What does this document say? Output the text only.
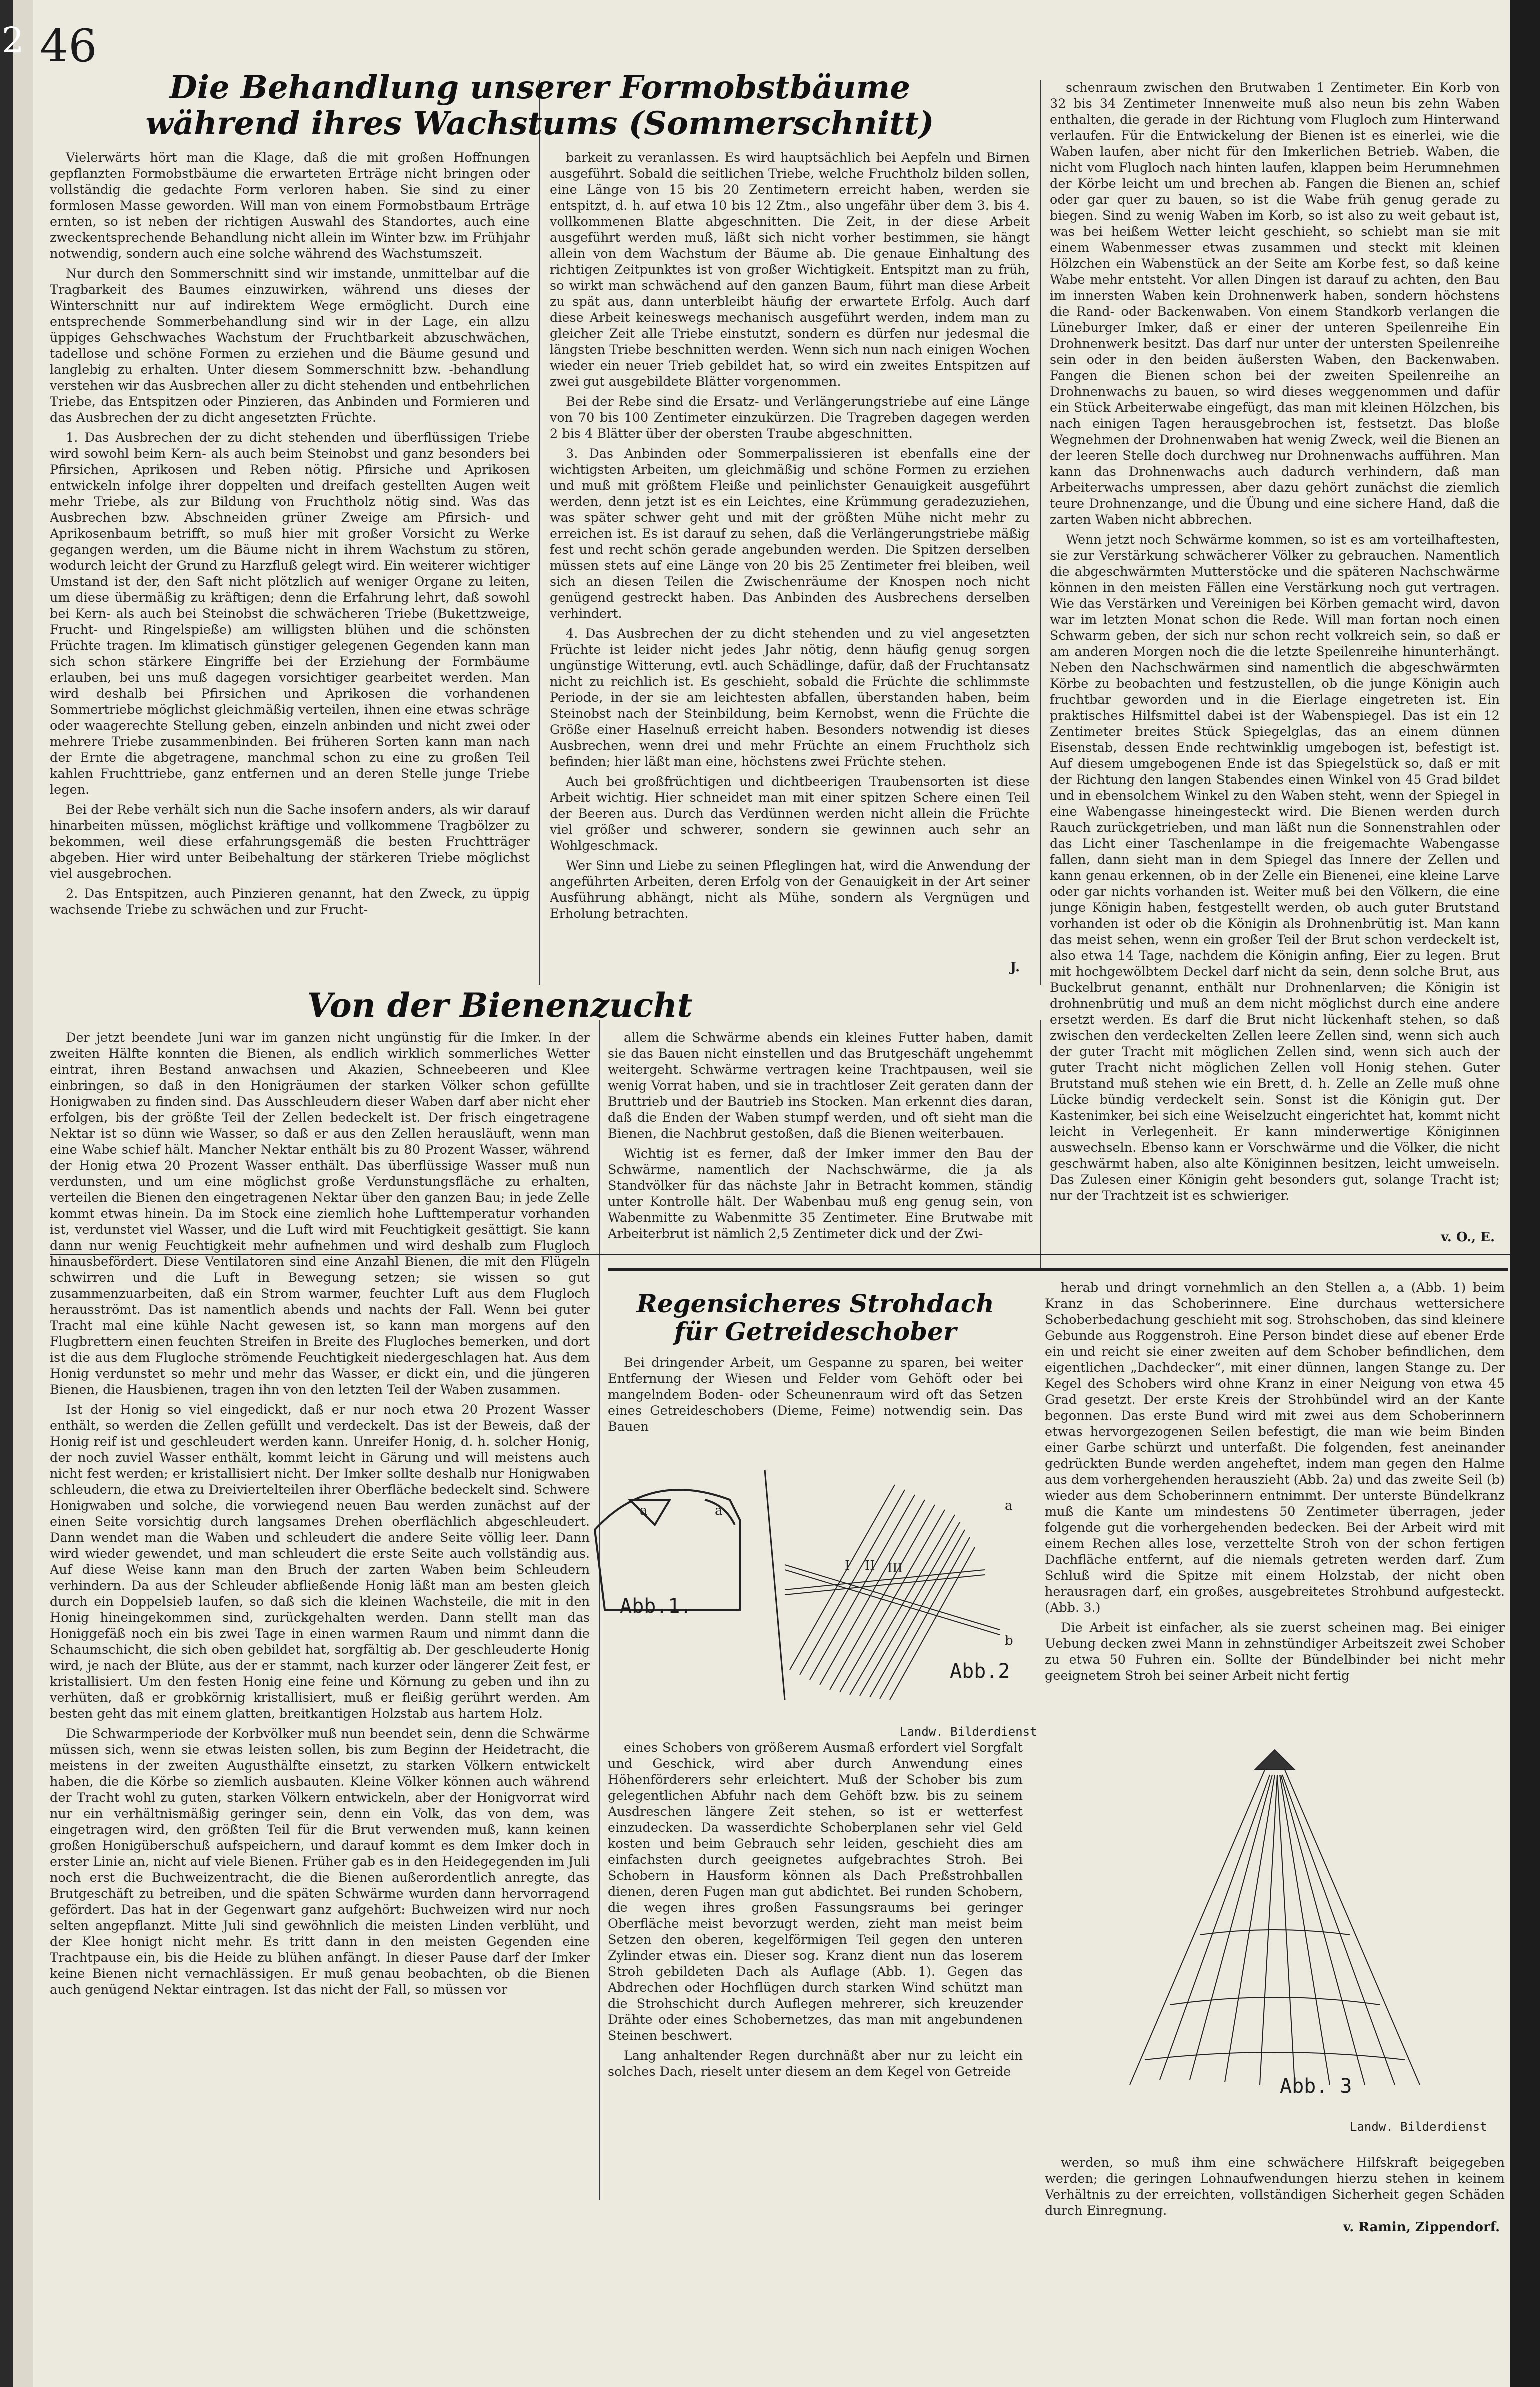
2 46
Die Behandlung unserer Formobstbäume
während ihres Wachstums (Sommerschnitt)

Vielerwärts hört man die Klage, daß die mit großen Hoffnungen gepflanzten Formobstbäume die erwarteten Erträge nicht bringen oder vollständig die gedachte Form verloren haben. Sie sind zu einer formlosen Masse geworden. Will man von einem Formobstbaum Erträge ernten, so ist neben der richtigen Auswahl des Standortes, auch eine zweckentsprechende Behandlung nicht allein im Winter bzw. im Frühjahr notwendig, sondern auch eine solche während des Wachstumszeit.

Nur durch den Sommerschnitt sind wir imstande, unmittelbar auf die Tragbarkeit des Baumes einzuwirken, während uns dieses der Winterschnitt nur auf indirektem Wege ermöglicht. Durch eine entsprechende Sommerbehandlung sind wir in der Lage, ein allzu üppiges Gehschwaches Wachstum der Fruchtbarkeit abzuschwächen, tadellose und schöne Formen zu erziehen und die Bäume gesund und langlebig zu erhalten. Unter diesem Sommerschnitt bzw. -behandlung verstehen wir das Ausbrechen aller zu dicht stehenden und entbehrlichen Triebe, das Entspitzen oder Pinzieren, das Anbinden und Formieren und das Ausbrechen der zu dicht angesetzten Früchte.

1. Das Ausbrechen der zu dicht stehenden und überflüssigen Triebe wird sowohl beim Kern- als auch beim Steinobst und ganz besonders bei Pfirsichen, Aprikosen und Reben nötig. Pfirsiche und Aprikosen entwickeln infolge ihrer doppelten und dreifach gestellten Augen weit mehr Triebe, als zur Bildung von Fruchtholz nötig sind. Was das Ausbrechen bzw. Abschneiden grüner Zweige am Pfirsich- und Aprikosenbaum betrifft, so muß hier mit großer Vorsicht zu Werke gegangen werden, um die Bäume nicht in ihrem Wachstum zu stören, wodurch leicht der Grund zu Harzfluß gelegt wird. Ein weiterer wichtiger Umstand ist der, den Saft nicht plötzlich auf weniger Organe zu leiten, um diese übermäßig zu kräftigen; denn die Erfahrung lehrt, daß sowohl bei Kern- als auch bei Steinobst die schwächeren Triebe (Bukettzweige, Frucht- und Ringelspieße) am willigsten blühen und die schönsten Früchte tragen. Im klimatisch günstiger gelegenen Gegenden kann man sich schon stärkere Eingriffe bei der Erziehung der Formbäume erlauben, bei uns muß dagegen vorsichtiger gearbeitet werden. Man wird deshalb bei Pfirsichen und Aprikosen die vorhandenen Sommertriebe möglichst gleichmäßig verteilen, ihnen eine etwas schräge oder waagerechte Stellung geben, einzeln anbinden und nicht zwei oder mehrere Triebe zusammenbinden. Bei früheren Sorten kann man nach der Ernte die abgetragene, manchmal schon zu eine zu großen Teil kahlen Fruchttriebe, ganz entfernen und an deren Stelle junge Triebe legen.

Bei der Rebe verhält sich nun die Sache insofern anders, als wir darauf hinarbeiten müssen, möglichst kräftige und vollkommene Tragbölzer zu bekommen, weil diese erfahrungsgemäß die besten Fruchtträger abgeben. Hier wird unter Beibehaltung der stärkeren Triebe möglichst viel ausgebrochen.

2. Das Entspitzen, auch Pinzieren genannt, hat den Zweck, zu üppig wachsende Triebe zu schwächen und zur Frucht-

barkeit zu veranlassen. Es wird hauptsächlich bei Aepfeln und Birnen ausgeführt. Sobald die seitlichen Triebe, welche Fruchtholz bilden sollen, eine Länge von 15 bis 20 Zentimetern erreicht haben, werden sie entspitzt, d. h. auf etwa 10 bis 12 Ztm., also ungefähr über dem 3. bis 4. vollkommenen Blatte abgeschnitten. Die Zeit, in der diese Arbeit ausgeführt werden muß, läßt sich nicht vorher bestimmen, sie hängt allein von dem Wachstum der Bäume ab. Die genaue Einhaltung des richtigen Zeitpunktes ist von großer Wichtigkeit. Entspitzt man zu früh, so wirkt man schwächend auf den ganzen Baum, führt man diese Arbeit zu spät aus, dann unterbleibt häufig der erwartete Erfolg. Auch darf diese Arbeit keineswegs mechanisch ausgeführt werden, indem man zu gleicher Zeit alle Triebe einstutzt, sondern es dürfen nur jedesmal die längsten Triebe beschnitten werden. Wenn sich nun nach einigen Wochen wieder ein neuer Trieb gebildet hat, so wird ein zweites Entspitzen auf zwei gut ausgebildete Blätter vorgenommen.

Bei der Rebe sind die Ersatz- und Verlängerungstriebe auf eine Länge von 70 bis 100 Zentimeter einzukürzen. Die Tragreben dagegen werden 2 bis 4 Blätter über der obersten Traube abgeschnitten.

3. Das Anbinden oder Sommerpalissieren ist ebenfalls eine der wichtigsten Arbeiten, um gleichmäßig und schöne Formen zu erziehen und muß mit größtem Fleiße und peinlichster Genauigkeit ausgeführt werden, denn jetzt ist es ein Leichtes, eine Krümmung geradezuziehen, was später schwer geht und mit der größten Mühe nicht mehr zu erreichen ist. Es ist darauf zu sehen, daß die Verlängerungstriebe mäßig fest und recht schön gerade angebunden werden. Die Spitzen derselben müssen stets auf eine Länge von 20 bis 25 Zentimeter frei bleiben, weil sich an diesen Teilen die Zwischenräume der Knospen noch nicht genügend gestreckt haben. Das Anbinden des Ausbrechens derselben verhindert.

4. Das Ausbrechen der zu dicht stehenden und zu viel angesetzten Früchte ist leider nicht jedes Jahr nötig, denn häufig genug sorgen ungünstige Witterung, evtl. auch Schädlinge, dafür, daß der Fruchtansatz nicht zu reichlich ist. Es geschieht, sobald die Früchte die schlimmste Periode, in der sie am leichtesten abfallen, überstanden haben, beim Steinobst nach der Steinbildung, beim Kernobst, wenn die Früchte die Größe einer Haselnuß erreicht haben. Besonders notwendig ist dieses Ausbrechen, wenn drei und mehr Früchte an einem Fruchtholz sich befinden; hier läßt man eine, höchstens zwei Früchte stehen.

Auch bei großfrüchtigen und dichtbeerigen Traubensorten ist diese Arbeit wichtig. Hier schneidet man mit einer spitzen Schere einen Teil der Beeren aus. Durch das Verdünnen werden nicht allein die Früchte viel größer und schwerer, sondern sie gewinnen auch sehr an Wohlgeschmack.

Wer Sinn und Liebe zu seinen Pfleglingen hat, wird die Anwendung der angeführten Arbeiten, deren Erfolg von der Genauigkeit in der Art seiner Ausführung abhängt, nicht als Mühe, sondern als Vergnügen und Erholung betrachten.

J.
Von der Bienenzucht

Der jetzt beendete Juni war im ganzen nicht ungünstig für die Imker. In der zweiten Hälfte konnten die Bienen, als endlich wirklich sommerliches Wetter eintrat, ihren Bestand anwachsen und Akazien, Schneebeeren und Klee einbringen, so daß in den Honigräumen der starken Völker schon gefüllte Honigwaben zu finden sind. Das Ausschleudern dieser Waben darf aber nicht eher erfolgen, bis der größte Teil der Zellen bedeckelt ist. Der frisch eingetragene Nektar ist so dünn wie Wasser, so daß er aus den Zellen herausläuft, wenn man eine Wabe schief hält. Mancher Nektar enthält bis zu 80 Prozent Wasser, während der Honig etwa 20 Prozent Wasser enthält. Das überflüssige Wasser muß nun verdunsten, und um eine möglichst große Verdunstungsfläche zu erhalten, verteilen die Bienen den eingetragenen Nektar über den ganzen Bau; in jede Zelle kommt etwas hinein. Da im Stock eine ziemlich hohe Lufttemperatur vorhanden ist, verdunstet viel Wasser, und die Luft wird mit Feuchtigkeit gesättigt. Sie kann dann nur wenig Feuchtigkeit mehr aufnehmen und wird deshalb zum Flugloch hinausbefördert. Diese Ventilatoren sind eine Anzahl Bienen, die mit den Flügeln schwirren und die Luft in Bewegung setzen; sie wissen so gut zusammenzuarbeiten, daß ein Strom warmer, feuchter Luft aus dem Flugloch herausströmt. Das ist namentlich abends und nachts der Fall. Wenn bei guter Tracht mal eine kühle Nacht gewesen ist, so kann man morgens auf den Flugbrettern einen feuchten Streifen in Breite des Flugloches bemerken, und dort ist die aus dem Flugloche strömende Feuchtigkeit niedergeschlagen hat. Aus dem Honig verdunstet so mehr und mehr das Wasser, er dickt ein, und die jüngeren Bienen, die Hausbienen, tragen ihn von den letzten Teil der Waben zusammen.

Ist der Honig so viel eingedickt, daß er nur noch etwa 20 Prozent Wasser enthält, so werden die Zellen gefüllt und verdeckelt. Das ist der Beweis, daß der Honig reif ist und geschleudert werden kann. Unreifer Honig, d. h. solcher Honig, der noch zuviel Wasser enthält, kommt leicht in Gärung und will meistens auch nicht fest werden; er kristallisiert nicht. Der Imker sollte deshalb nur Honigwaben schleudern, die etwa zu Dreiviertelteilen ihrer Oberfläche bedeckelt sind. Schwere Honigwaben und solche, die vorwiegend neuen Bau werden zunächst auf der einen Seite vorsichtig durch langsames Drehen oberflächlich abgeschleudert. Dann wendet man die Waben und schleudert die andere Seite völlig leer. Dann wird wieder gewendet, und man schleudert die erste Seite auch vollständig aus. Auf diese Weise kann man den Bruch der zarten Waben beim Schleudern verhindern. Da aus der Schleuder abfließende Honig läßt man am besten gleich durch ein Doppelsieb laufen, so daß sich die kleinen Wachsteile, die mit in den Honig hineingekommen sind, zurückgehalten werden. Dann stellt man das Honiggefäß noch ein bis zwei Tage in einen warmen Raum und nimmt dann die Schaumschicht, die sich oben gebildet hat, sorgfältig ab. Der geschleuderte Honig wird, je nach der Blüte, aus der er stammt, nach kurzer oder längerer Zeit fest, er kristallisiert. Um den festen Honig eine feine und Körnung zu geben und ihn zu verhüten, daß er grobkörnig kristallisiert, muß er fleißig gerührt werden. Am besten geht das mit einem glatten, breitkantigen Holzstab aus hartem Holz.

Die Schwarmperiode der Korbvölker muß nun beendet sein, denn die Schwärme müssen sich, wenn sie etwas leisten sollen, bis zum Beginn der Heidetracht, die meistens in der zweiten Augusthälfte einsetzt, zu starken Völkern entwickelt haben, die die Körbe so ziemlich ausbauten. Kleine Völker können auch während der Tracht wohl zu guten, starken Völkern entwickeln, aber der Honigvorrat wird nur ein verhältnismäßig geringer sein, denn ein Volk, das von dem, was eingetragen wird, den größten Teil für die Brut verwenden muß, kann keinen großen Honigüberschuß aufspeichern, und darauf kommt es dem Imker doch in erster Linie an, nicht auf viele Bienen. Früher gab es in den Heidegegenden im Juli noch erst die Buchweizentracht, die die Bienen außerordentlich anregte, das Brutgeschäft zu betreiben, und die späten Schwärme wurden dann hervorragend gefördert. Das hat in der Gegenwart ganz aufgehört: Buchweizen wird nur noch selten angepflanzt. Mitte Juli sind gewöhnlich die meisten Linden verblüht, und der Klee honigt nicht mehr. Es tritt dann in den meisten Gegenden eine Trachtpause ein, bis die Heide zu blühen anfängt. In dieser Pause darf der Imker keine Bienen nicht vernachlässigen. Er muß genau beobachten, ob die Bienen auch genügend Nektar eintragen. Ist das nicht der Fall, so müssen vor

allem die Schwärme abends ein kleines Futter haben, damit sie das Bauen nicht einstellen und das Brutgeschäft ungehemmt weitergeht. Schwärme vertragen keine Trachtpausen, weil sie wenig Vorrat haben, und sie in trachtloser Zeit geraten dann der Bruttrieb und der Bautrieb ins Stocken. Man erkennt dies daran, daß die Enden der Waben stumpf werden, und oft sieht man die Bienen, die Nachbrut gestoßen, daß die Bienen weiterbauen.

Wichtig ist es ferner, daß der Imker immer den Bau der Schwärme, namentlich der Nachschwärme, die ja als Standvölker für das nächste Jahr in Betracht kommen, ständig unter Kontrolle hält. Der Wabenbau muß eng genug sein, von Wabenmitte zu Wabenmitte 35 Zentimeter. Eine Brutwabe mit Arbeiterbrut ist nämlich 2,5 Zentimeter dick und der Zwi-

schenraum zwischen den Brutwaben 1 Zentimeter. Ein Korb von 32 bis 34 Zentimeter Innenweite muß also neun bis zehn Waben enthalten, die gerade in der Richtung vom Flugloch zum Hinterwand verlaufen. Für die Entwickelung der Bienen ist es einerlei, wie die Waben laufen, aber nicht für den Imkerlichen Betrieb. Waben, die nicht vom Flugloch nach hinten laufen, klappen beim Herumnehmen der Körbe leicht um und brechen ab. Fangen die Bienen an, schief oder gar quer zu bauen, so ist die Wabe früh genug gerade zu biegen. Sind zu wenig Waben im Korb, so ist also zu weit gebaut ist, was bei heißem Wetter leicht geschieht, so schiebt man sie mit einem Wabenmesser etwas zusammen und steckt mit kleinen Hölzchen ein Wabenstück an der Seite am Korbe fest, so daß keine Wabe mehr entsteht. Vor allen Dingen ist darauf zu achten, den Bau im innersten Waben kein Drohnenwerk haben, sondern höchstens die Rand- oder Backenwaben. Von einem Standkorb verlangen die Lüneburger Imker, daß er einer der unteren Speilenreihe Ein Drohnenwerk besitzt. Das darf nur unter der untersten Speilenreihe sein oder in den beiden äußersten Waben, den Backenwaben. Fangen die Bienen schon bei der zweiten Speilenreihe an Drohnenwachs zu bauen, so wird dieses weggenommen und dafür ein Stück Arbeiterwabe eingefügt, das man mit kleinen Hölzchen, bis nach einigen Tagen herausgebrochen ist, festsetzt. Das bloße Wegnehmen der Drohnenwaben hat wenig Zweck, weil die Bienen an der leeren Stelle doch durchweg nur Drohnenwachs aufführen. Man kann das Drohnenwachs auch dadurch verhindern, daß man Arbeiterwachs umpressen, aber dazu gehört zunächst die ziemlich teure Drohnenzange, und die Übung und eine sichere Hand, daß die zarten Waben nicht abbrechen.

Wenn jetzt noch Schwärme kommen, so ist es am vorteilhaftesten, sie zur Verstärkung schwächerer Völker zu gebrauchen. Namentlich die abgeschwärmten Mutterstöcke und die späteren Nachschwärme können in den meisten Fällen eine Verstärkung noch gut vertragen. Wie das Verstärken und Vereinigen bei Körben gemacht wird, davon war im letzten Monat schon die Rede. Will man fortan noch einen Schwarm geben, der sich nur schon recht volkreich sein, so daß er am anderen Morgen noch die die letzte Speilenreihe hinunterhängt. Neben den Nachschwärmen sind namentlich die abgeschwärmten Körbe zu beobachten und festzustellen, ob die junge Königin auch fruchtbar geworden und in die Eierlage eingetreten ist. Ein praktisches Hilfsmittel dabei ist der Wabenspiegel. Das ist ein 12 Zentimeter breites Stück Spiegelglas, das an einem dünnen Eisenstab, dessen Ende rechtwinklig umgebogen ist, befestigt ist. Auf diesem umgebogenen Ende ist das Spiegelstück so, daß er mit der Richtung den langen Stabendes einen Winkel von 45 Grad bildet und in ebensolchem Winkel zu den Waben steht, wenn der Spiegel in eine Wabengasse hineingesteckt wird. Die Bienen werden durch Rauch zurückgetrieben, und man läßt nun die Sonnenstrahlen oder das Licht einer Taschenlampe in die freigemachte Wabengasse fallen, dann sieht man in dem Spiegel das Innere der Zellen und kann genau erkennen, ob in der Zelle ein Bienenei, eine kleine Larve oder gar nichts vorhanden ist. Weiter muß bei den Völkern, die eine junge Königin haben, festgestellt werden, ob auch guter Brutstand vorhanden ist oder ob die Königin als Drohnenbrütig ist. Man kann das meist sehen, wenn ein großer Teil der Brut schon verdeckelt ist, also etwa 14 Tage, nachdem die Königin anfing, Eier zu legen. Brut mit hochgewölbtem Deckel darf nicht da sein, denn solche Brut, aus Buckelbrut genannt, enthält nur Drohnenlarven; die Königin ist drohnenbrütig und muß an dem nicht möglichst durch eine andere ersetzt werden. Es darf die Brut nicht lückenhaft stehen, so daß zwischen den verdeckelten Zellen leere Zellen sind, wenn sich auch der guter Tracht mit möglichen Zellen sind, wenn sich auch der guter Tracht nicht möglichen Zellen voll Honig stehen. Guter Brutstand muß stehen wie ein Brett, d. h. Zelle an Zelle muß ohne Lücke bündig verdeckelt sein. Sonst ist die Königin gut. Der Kastenimker, bei sich eine Weiselzucht eingerichtet hat, kommt nicht leicht in Verlegenheit. Er kann minderwertige Königinnen auswechseln. Ebenso kann er Vorschwärme und die Völker, die nicht geschwärmt haben, also alte Königinnen besitzen, leicht umweiseln. Das Zulesen einer Königin geht besonders gut, solange Tracht ist; nur der Trachtzeit ist es schwieriger.

v. O., E.
Regensicheres Strohdach
für Getreideschober

Bei dringender Arbeit, um Gespanne zu sparen, bei weiter Entfernung der Wiesen und Felder vom Gehöft oder bei mangelndem Boden- oder Scheunenraum wird oft das Setzen eines Getreideschobers (Dieme, Feime) notwendig sein. Das Bauen

a	a
I II III
a
b
Abb.1.
Abb.2
Landw. Bilderdienst

eines Schobers von größerem Ausmaß erfordert viel Sorgfalt und Geschick, wird aber durch Anwendung eines Höhenförderers sehr erleichtert. Muß der Schober bis zum gelegentlichen Abfuhr nach dem Gehöft bzw. bis zu seinem Ausdreschen längere Zeit stehen, so ist er wetterfest einzudecken. Da wasserdichte Schoberplanen sehr viel Geld kosten und beim Gebrauch sehr leiden, geschieht dies am einfachsten durch geeignetes aufgebrachtes Stroh. Bei Schobern in Hausform können als Dach Preßstrohballen dienen, deren Fugen man gut abdichtet. Bei runden Schobern, die wegen ihres großen Fassungsraums bei geringer Oberfläche meist bevorzugt werden, zieht man meist beim Setzen den oberen, kegelförmigen Teil gegen den unteren Zylinder etwas ein. Dieser sog. Kranz dient nun das loserem Stroh gebildeten Dach als Auflage (Abb. 1). Gegen das Abdrechen oder Hochflügen durch starken Wind schützt man die Strohschicht durch Auflegen mehrerer, sich kreuzender Drähte oder eines Schobernetzes, das man mit angebundenen Steinen beschwert.

Lang anhaltender Regen durchnäßt aber nur zu leicht ein solches Dach, rieselt unter diesem an dem Kegel von Getreide

herab und dringt vornehmlich an den Stellen a, a (Abb. 1) beim Kranz in das Schoberinnere. Eine durchaus wettersichere Schoberbedachung geschieht mit sog. Strohschoben, das sind kleinere Gebunde aus Roggenstroh. Eine Person bindet diese auf ebener Erde ein und reicht sie einer zweiten auf dem Schober befindlichen, dem eigentlichen „Dachdecker“, mit einer dünnen, langen Stange zu. Der Kegel des Schobers wird ohne Kranz in einer Neigung von etwa 45 Grad gesetzt. Der erste Kreis der Strohbündel wird an der Kante begonnen. Das erste Bund wird mit zwei aus dem Schoberinnern etwas hervorgezogenen Seilen befestigt, die man wie beim Binden einer Garbe schürzt und unterfaßt. Die folgenden, fest aneinander gedrückten Bunde werden angeheftet, indem man gegen den Halme aus dem vorhergehenden herauszieht (Abb. 2a) und das zweite Seil (b) wieder aus dem Schoberinnern entnimmt. Der unterste Bündelkranz muß die Kante um mindestens 50 Zentimeter überragen, jeder folgende gut die vorhergehenden bedecken. Bei der Arbeit wird mit einem Rechen alles lose, verzettelte Stroh von der schon fertigen Dachfläche entfernt, auf die niemals getreten werden darf. Zum Schluß wird die Spitze mit einem Holzstab, der nicht oben herausragen darf, ein großes, ausgebreitetes Strohbund aufgesteckt. (Abb. 3.)

Die Arbeit ist einfacher, als sie zuerst scheinen mag. Bei einiger Uebung decken zwei Mann in zehnstündiger Arbeitszeit zwei Schober zu etwa 50 Fuhren ein. Sollte der Bündelbinder bei nicht mehr geeignetem Stroh bei seiner Arbeit nicht fertig

Abb. 3
Landw. Bilderdienst

werden, so muß ihm eine schwächere Hilfskraft beigegeben werden; die geringen Lohnaufwendungen hierzu stehen in keinem Verhältnis zu der erreichten, vollständigen Sicherheit gegen Schäden durch Einregnung.

v. Ramin, Zippendorf.
